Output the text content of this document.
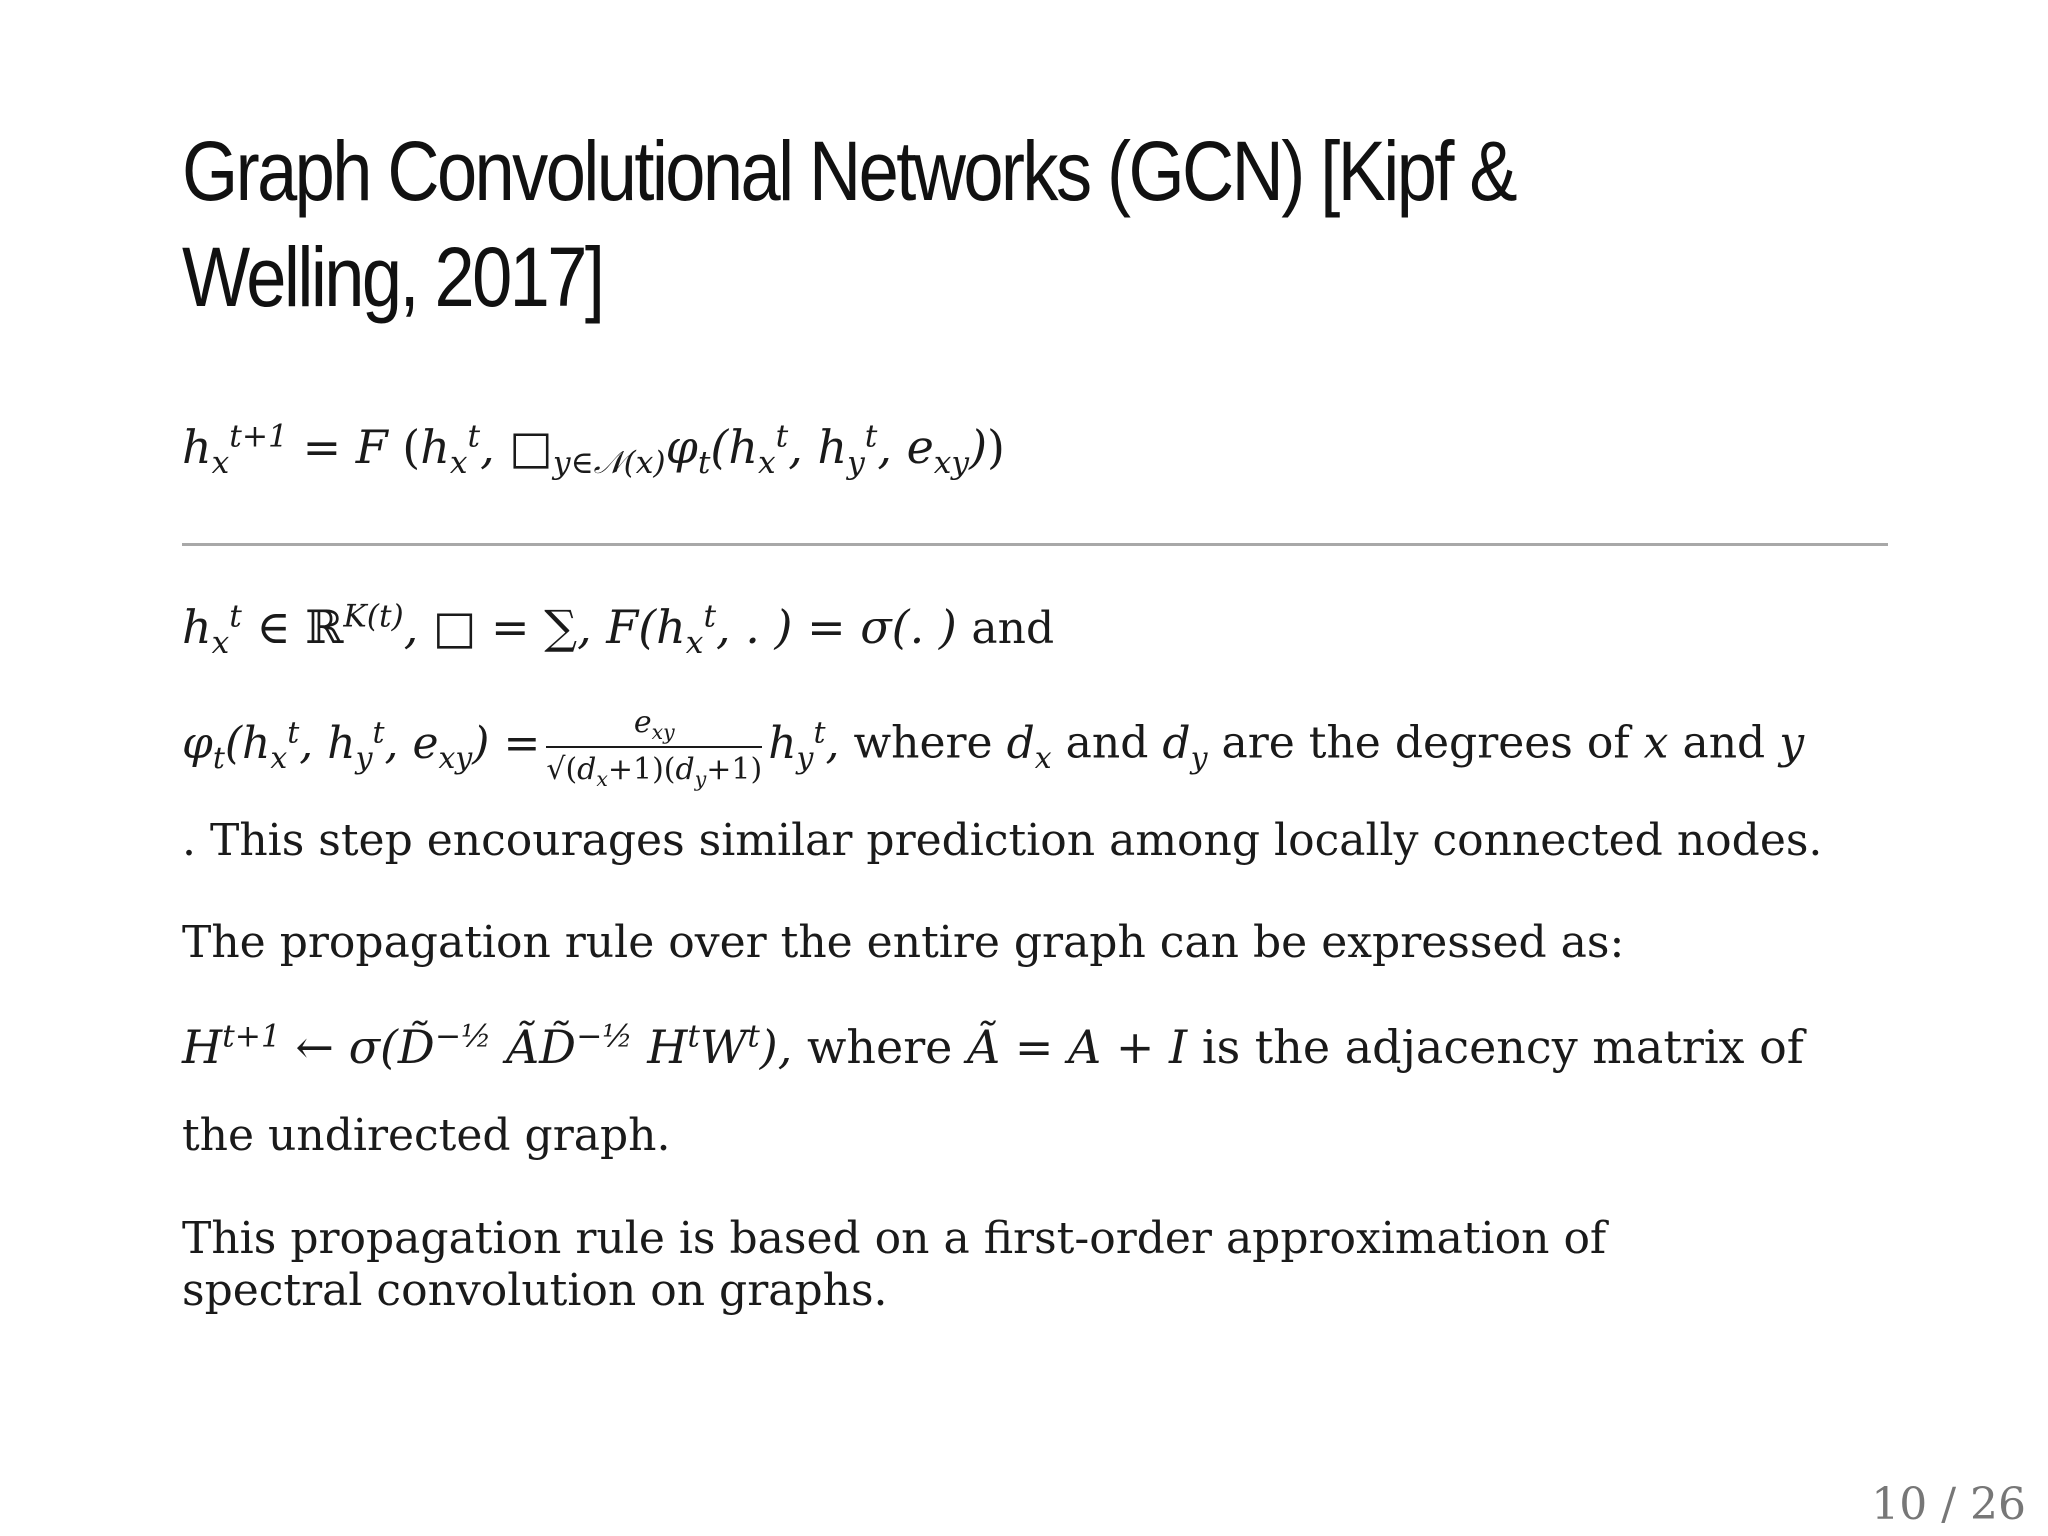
Graph Convolutional Networks (GCN) [Kipf & Welling, 2017]
$h_x^{t+1} = F$ ($h_x^t$, $□_{y\in 𝒩(x)}\varphi_t(h_x^t$, $h_y^t$, $e_{xy}$))
$h_x^t$ ∈ ℝ$^{K(t)}$, □ = ∑, $F(h_x^t$, . ) = σ(. ) and
$\varphi_t(h_x^t$, $h_y^t$, $e_{xy}) = \frac{e_{xy}}{√(d_x+1)(d_y+1)} h_y^t$, where $d_x$ and $d_y$ are the degrees of x and y

. This step encourages similar prediction among locally connected nodes.

The propagation rule over the entire graph can be expressed as:

$H^{t+1}$ ← σ(D̃$^{-\frac{1}{2}}$ ÃD̃$^{-\frac{1}{2}}$ $H^tW^t$), where Ã = A + I is the adjacency matrix of

the undirected graph.

This propagation rule is based on a first-order approximation of spectral convolution on graphs.

10 / 26
